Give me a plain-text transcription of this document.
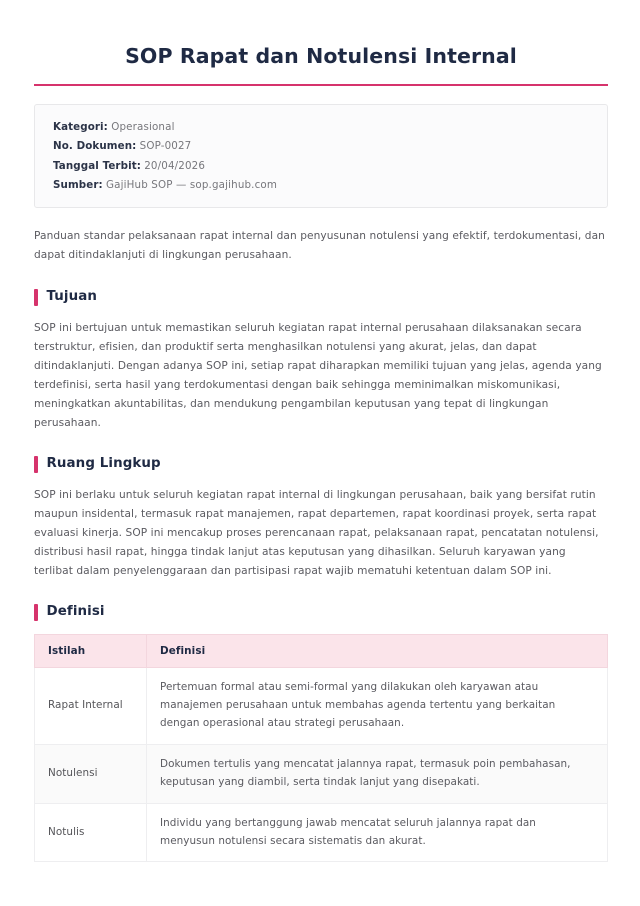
SOP Rapat dan Notulensi Internal
Kategori: Operasional
No. Dokumen: SOP-0027
Tanggal Terbit: 20/04/2026
Sumber: GajiHub SOP — sop.gajihub.com

Panduan standar pelaksanaan rapat internal dan penyusunan notulensi yang efektif, terdokumentasi, dan dapat ditindaklanjuti di lingkungan perusahaan.

Tujuan

SOP ini bertujuan untuk memastikan seluruh kegiatan rapat internal perusahaan dilaksanakan secara terstruktur, efisien, dan produktif serta menghasilkan notulensi yang akurat, jelas, dan dapat ditindaklanjuti. Dengan adanya SOP ini, setiap rapat diharapkan memiliki tujuan yang jelas, agenda yang terdefinisi, serta hasil yang terdokumentasi dengan baik sehingga meminimalkan miskomunikasi, meningkatkan akuntabilitas, dan mendukung pengambilan keputusan yang tepat di lingkungan perusahaan.

Ruang Lingkup

SOP ini berlaku untuk seluruh kegiatan rapat internal di lingkungan perusahaan, baik yang bersifat rutin maupun insidental, termasuk rapat manajemen, rapat departemen, rapat koordinasi proyek, serta rapat evaluasi kinerja. SOP ini mencakup proses perencanaan rapat, pelaksanaan rapat, pencatatan notulensi, distribusi hasil rapat, hingga tindak lanjut atas keputusan yang dihasilkan. Seluruh karyawan yang terlibat dalam penyelenggaraan dan partisipasi rapat wajib mematuhi ketentuan dalam SOP ini.

Definisi
Istilah	Definisi
Rapat Internal	Pertemuan formal atau semi-formal yang dilakukan oleh karyawan atau manajemen perusahaan untuk membahas agenda tertentu yang berkaitan dengan operasional atau strategi perusahaan.
Notulensi	Dokumen tertulis yang mencatat jalannya rapat, termasuk poin pembahasan, keputusan yang diambil, serta tindak lanjut yang disepakati.
Notulis	Individu yang bertanggung jawab mencatat seluruh jalannya rapat dan menyusun notulensi secara sistematis dan akurat.
